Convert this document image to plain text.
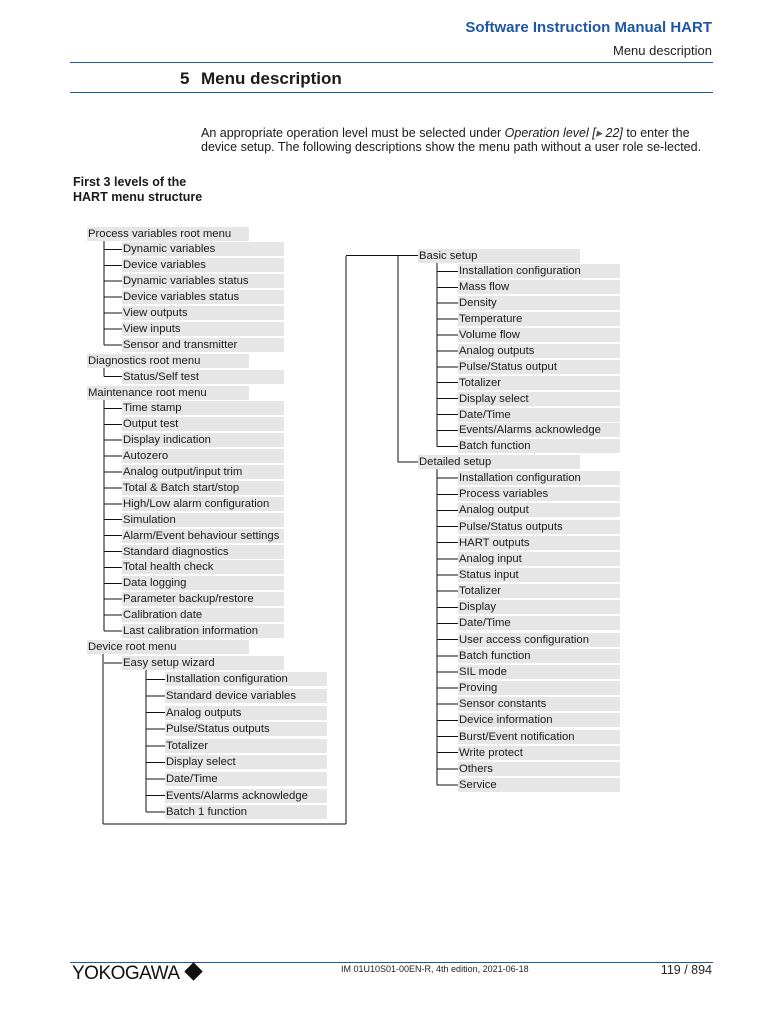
Software Instruction Manual HART
Menu description
5 Menu description
An appropriate operation level must be selected under Operation level [▸ 22] to enter the device setup. The following descriptions show the menu path without a user role se-lected.
First 3 levels of the HART menu structure
Process variables root menu
Dynamic variables
Device variables
Dynamic variables status
Device variables status
View outputs
View inputs
Sensor and transmitter
Diagnostics root menu
Status/Self test
Maintenance root menu
Time stamp
Output test
Display indication
Autozero
Analog output/input trim
Total & Batch start/stop
High/Low alarm configuration
Simulation
Alarm/Event behaviour settings
Standard diagnostics
Total health check
Data logging
Parameter backup/restore
Calibration date
Last calibration information
Device root menu
Easy setup wizard
Installation configuration
Standard device variables
Analog outputs
Pulse/Status outputs
Totalizer
Display select
Date/Time
Events/Alarms acknowledge
Batch 1 function
Basic setup
Installation configuration
Mass flow
Density
Temperature
Volume flow
Analog outputs
Pulse/Status output
Totalizer
Display select
Date/Time
Events/Alarms acknowledge
Batch function
Detailed setup
Installation configuration
Process variables
Analog output
Pulse/Status outputs
HART outputs
Analog input
Status input
Totalizer
Display
Date/Time
User access configuration
Batch function
SIL mode
Proving
Sensor constants
Device information
Burst/Event notification
Write protect
Others
Service
YOKOGAWA	IM 01U10S01-00EN-R, 4th edition, 2021-06-18	119 / 894
